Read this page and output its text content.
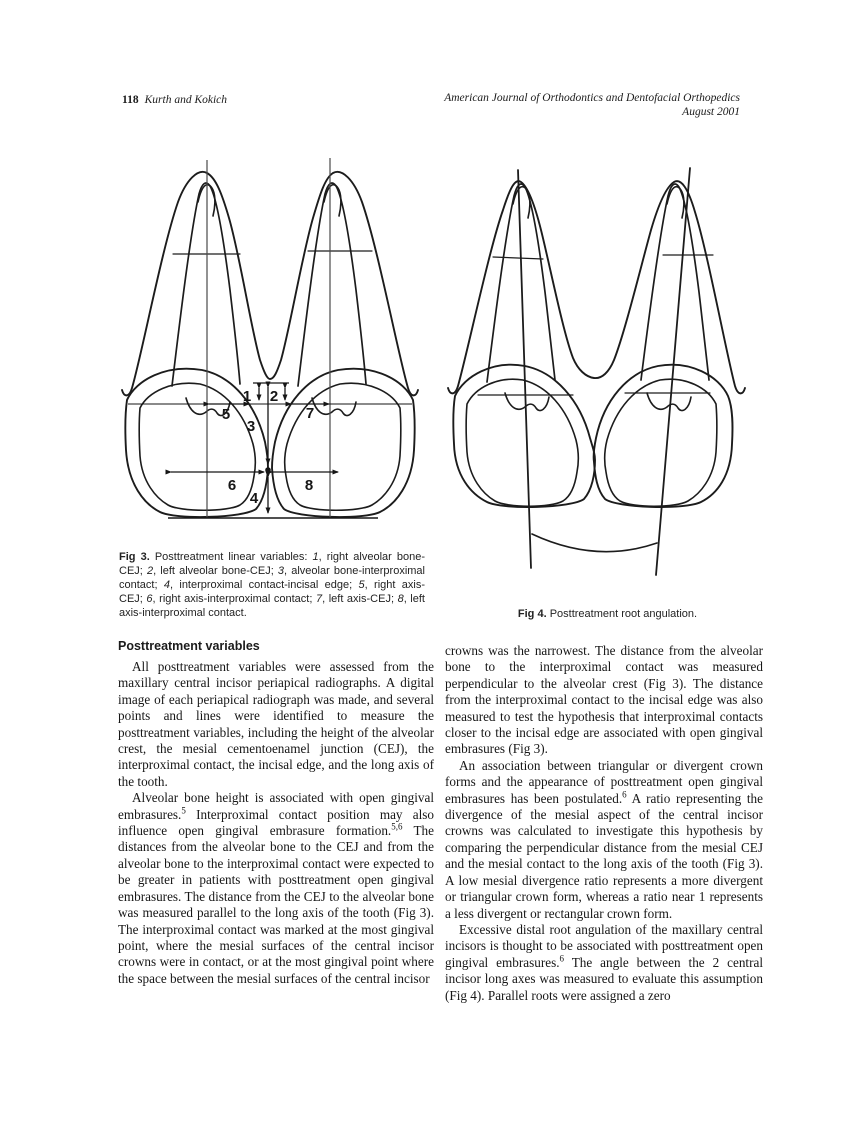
118 Kurth and Kokich	American Journal of Orthodontics and Dentofacial Orthopedics
August 2001
1 2
3
4
5
6
7
8

Fig 3. Posttreatment linear variables: 1, right alveolar bone-CEJ; 2, left alveolar bone-CEJ; 3, alveolar bone-interproximal contact; 4, interproximal contact-incisal edge; 5, right axis-CEJ; 6, right axis-interproximal contact; 7, left axis-CEJ; 8, left axis-interproximal contact.	Fig 4. Posttreatment root angulation.

Posttreatment variables

All posttreatment variables were assessed from the maxillary central incisor periapical radiographs. A digital image of each periapical radiograph was made, and several points and lines were identified to measure the posttreatment variables, including the height of the alveolar crest, the mesial cementoenamel junction (CEJ), the interproximal contact, the incisal edge, and the long axis of the tooth.

Alveolar bone height is associated with open gingival embrasures.$^5$ Interproximal contact position may also influence open gingival embrasure formation.$^{5,6}$ The distances from the alveolar bone to the CEJ and from the alveolar bone to the interproximal contact were expected to be greater in patients with posttreatment open gingival embrasures. The distance from the CEJ to the alveolar bone was measured parallel to the long axis of the tooth (Fig 3). The interproximal contact was marked at the most gingival point, where the mesial surfaces of the central incisor crowns were in contact, or at the most gingival point where the space between the mesial surfaces of the central incisor

crowns was the narrowest. The distance from the alveolar bone to the interproximal contact was measured perpendicular to the alveolar crest (Fig 3). The distance from the interproximal contact to the incisal edge was also measured to test the hypothesis that interproximal contacts closer to the incisal edge are associated with open gingival embrasures (Fig 3).

An association between triangular or divergent crown forms and the appearance of posttreatment open gingival embrasures has been postulated.$^6$ A ratio representing the divergence of the mesial aspect of the central incisor crowns was calculated to investigate this hypothesis by comparing the perpendicular distance from the mesial CEJ and the mesial contact to the long axis of the tooth (Fig 3). A low mesial divergence ratio represents a more divergent or triangular crown form, whereas a ratio near 1 represents a less divergent or rectangular crown form.

Excessive distal root angulation of the maxillary central incisors is thought to be associated with posttreatment open gingival embrasures.$^6$ The angle between the 2 central incisor long axes was measured to evaluate this assumption (Fig 4). Parallel roots were assigned a zero
